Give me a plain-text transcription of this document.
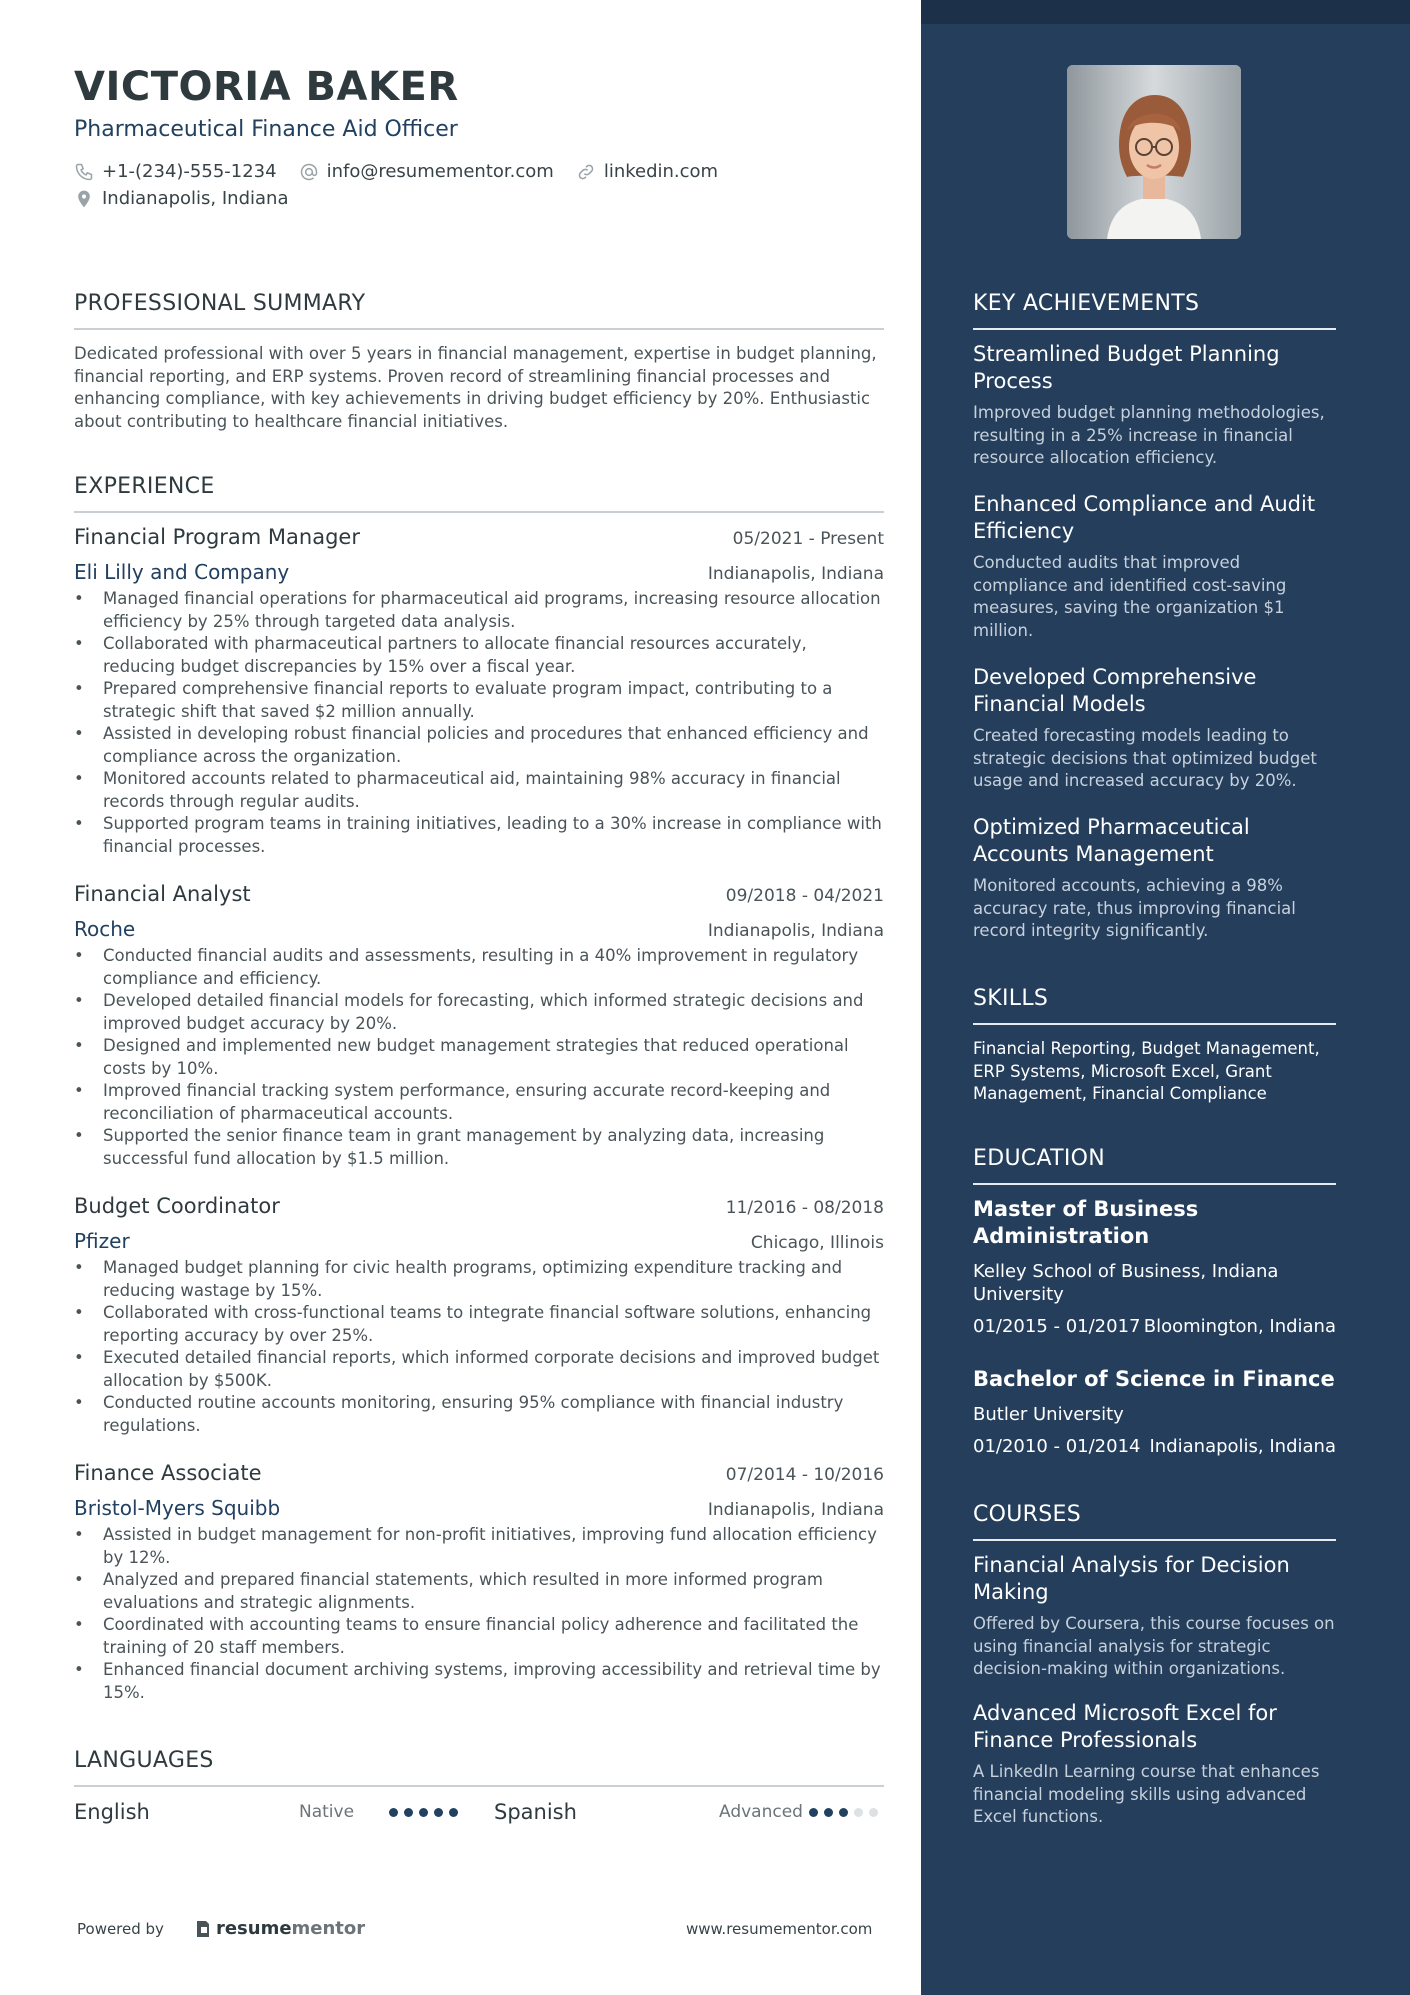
VICTORIA BAKER
Pharmaceutical Finance Aid Officer
+1-(234)-555-1234	info@resumementor.com	linkedin.com
Indianapolis, Indiana
PROFESSIONAL SUMMARY
Dedicated professional with over 5 years in financial management, expertise in budget planning, financial reporting, and ERP systems. Proven record of streamlining financial processes and enhancing compliance, with key achievements in driving budget efficiency by 20%. Enthusiastic about contributing to healthcare financial initiatives.
EXPERIENCE
Financial Program Manager	05/2021 - Present
Eli Lilly and Company	Indianapolis, Indiana
• Managed financial operations for pharmaceutical aid programs, increasing resource allocation efficiency by 25% through targeted data analysis.
• Collaborated with pharmaceutical partners to allocate financial resources accurately, reducing budget discrepancies by 15% over a fiscal year.
• Prepared comprehensive financial reports to evaluate program impact, contributing to a strategic shift that saved $2 million annually.
• Assisted in developing robust financial policies and procedures that enhanced efficiency and compliance across the organization.
• Monitored accounts related to pharmaceutical aid, maintaining 98% accuracy in financial records through regular audits.
• Supported program teams in training initiatives, leading to a 30% increase in compliance with financial processes.
Financial Analyst	09/2018 - 04/2021
Roche	Indianapolis, Indiana
• Conducted financial audits and assessments, resulting in a 40% improvement in regulatory compliance and efficiency.
• Developed detailed financial models for forecasting, which informed strategic decisions and improved budget accuracy by 20%.
• Designed and implemented new budget management strategies that reduced operational costs by 10%.
• Improved financial tracking system performance, ensuring accurate record-keeping and reconciliation of pharmaceutical accounts.
• Supported the senior finance team in grant management by analyzing data, increasing successful fund allocation by $1.5 million.
Budget Coordinator	11/2016 - 08/2018
Pfizer	Chicago, Illinois
• Managed budget planning for civic health programs, optimizing expenditure tracking and reducing wastage by 15%.
• Collaborated with cross-functional teams to integrate financial software solutions, enhancing reporting accuracy by over 25%.
• Executed detailed financial reports, which informed corporate decisions and improved budget allocation by $500K.
• Conducted routine accounts monitoring, ensuring 95% compliance with financial industry regulations.
Finance Associate	07/2014 - 10/2016
Bristol-Myers Squibb	Indianapolis, Indiana
• Assisted in budget management for non-profit initiatives, improving fund allocation efficiency by 12%.
• Analyzed and prepared financial statements, which resulted in more informed program evaluations and strategic alignments.
• Coordinated with accounting teams to ensure financial policy adherence and facilitated the training of 20 staff members.
• Enhanced financial document archiving systems, improving accessibility and retrieval time by 15%.
LANGUAGES
English	Native	Spanish	Advanced
Powered by	resume mentor	www.resumementor.com
KEY ACHIEVEMENTS
Streamlined Budget Planning Process
Improved budget planning methodologies, resulting in a 25% increase in financial resource allocation efficiency.
Enhanced Compliance and Audit Efficiency
Conducted audits that improved compliance and identified cost-saving measures, saving the organization $1 million.
Developed Comprehensive Financial Models
Created forecasting models leading to strategic decisions that optimized budget usage and increased accuracy by 20%.
Optimized Pharmaceutical Accounts Management
Monitored accounts, achieving a 98% accuracy rate, thus improving financial record integrity significantly.
SKILLS
Financial Reporting, Budget Management, ERP Systems, Microsoft Excel, Grant Management, Financial Compliance
EDUCATION
Master of Business Administration
Kelley School of Business, Indiana University
01/2015 - 01/2017 Bloomington, Indiana
Bachelor of Science in Finance
Butler University
01/2010 - 01/2014 Indianapolis, Indiana
COURSES
Financial Analysis for Decision Making
Offered by Coursera, this course focuses on using financial analysis for strategic decision-making within organizations.
Advanced Microsoft Excel for Finance Professionals
A LinkedIn Learning course that enhances financial modeling skills using advanced Excel functions.
